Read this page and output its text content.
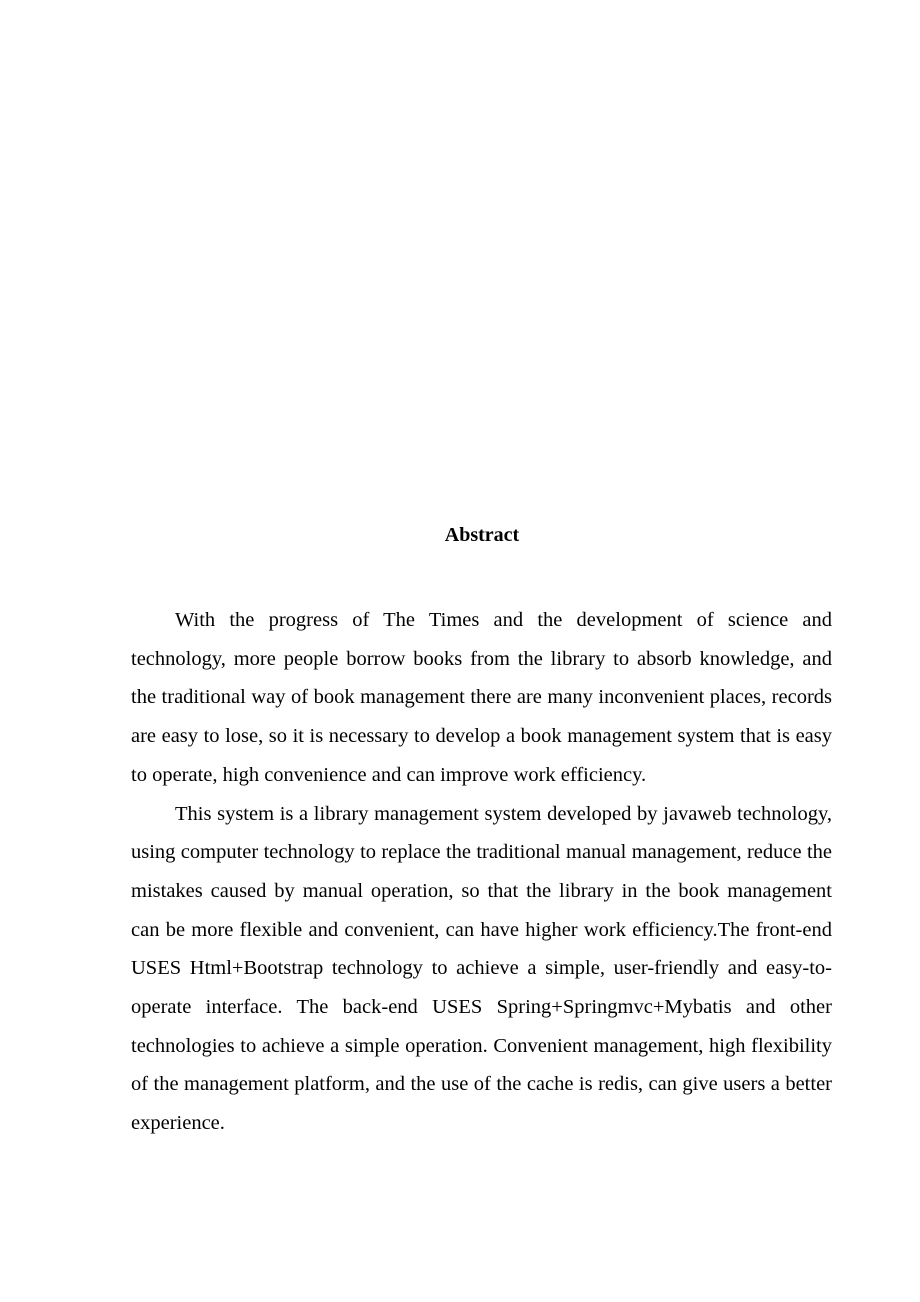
Abstract

With the progress of The Times and the development of science and technology, more people borrow books from the library to absorb knowledge, and the traditional way of book management there are many inconvenient places, records are easy to lose, so it is necessary to develop a book management system that is easy to operate, high convenience and can improve work efficiency.

This system is a library management system developed by javaweb technology, using computer technology to replace the traditional manual management, reduce the mistakes caused by manual operation, so that the library in the book management can be more flexible and convenient, can have higher work efficiency.The front-end USES Html+Bootstrap technology to achieve a simple, user-friendly and easy-to-operate interface. The back-end USES Spring+Springmvc+Mybatis and other technologies to achieve a simple operation. Convenient management, high flexibility of the management platform, and the use of the cache is redis, can give users a better experience.
